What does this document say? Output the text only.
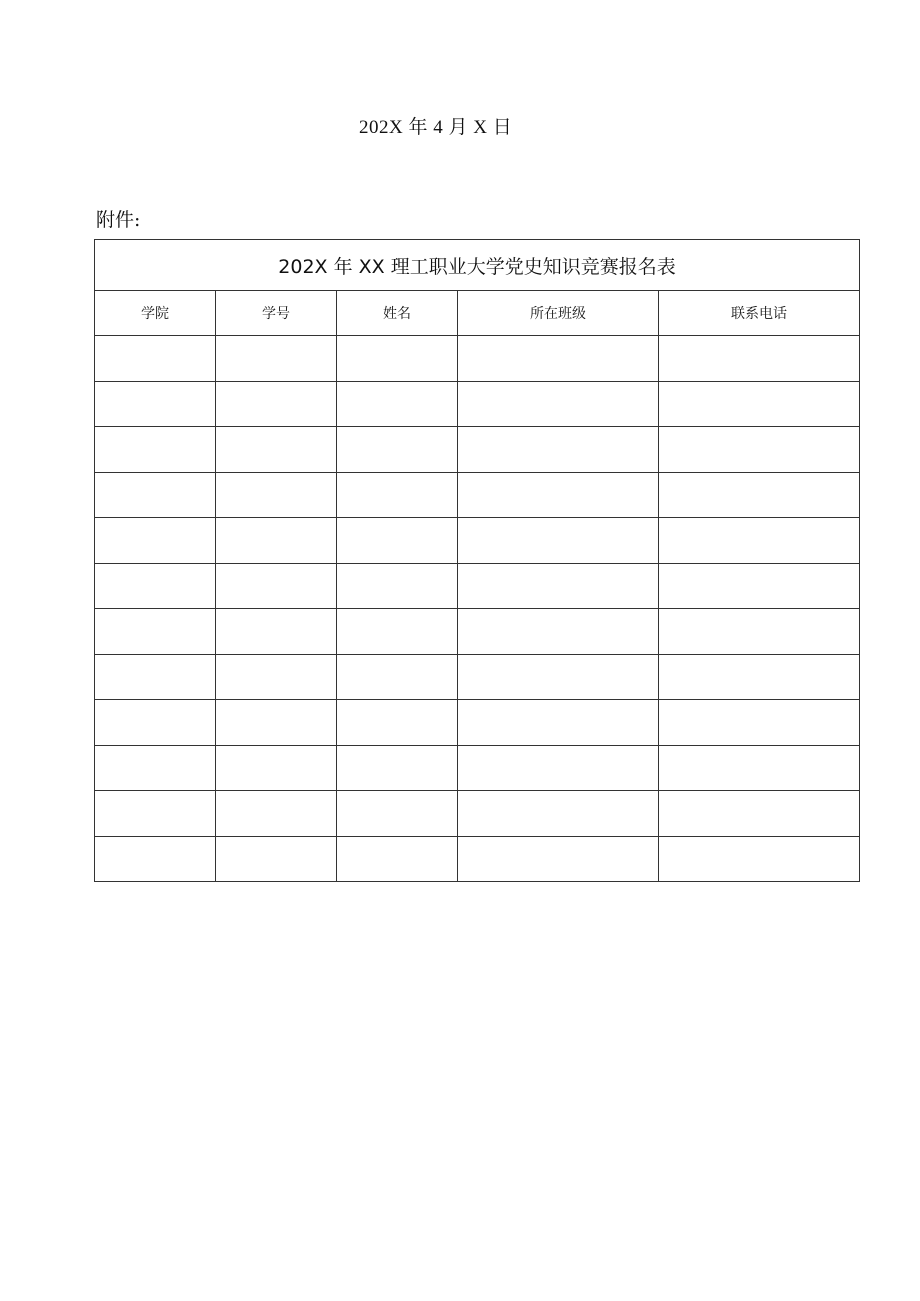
202X 年 4 月 X 日
附件:
202X 年 XX 理工职业大学党史知识竞赛报名表				
学院	学号	姓名	所在班级	联系电话
